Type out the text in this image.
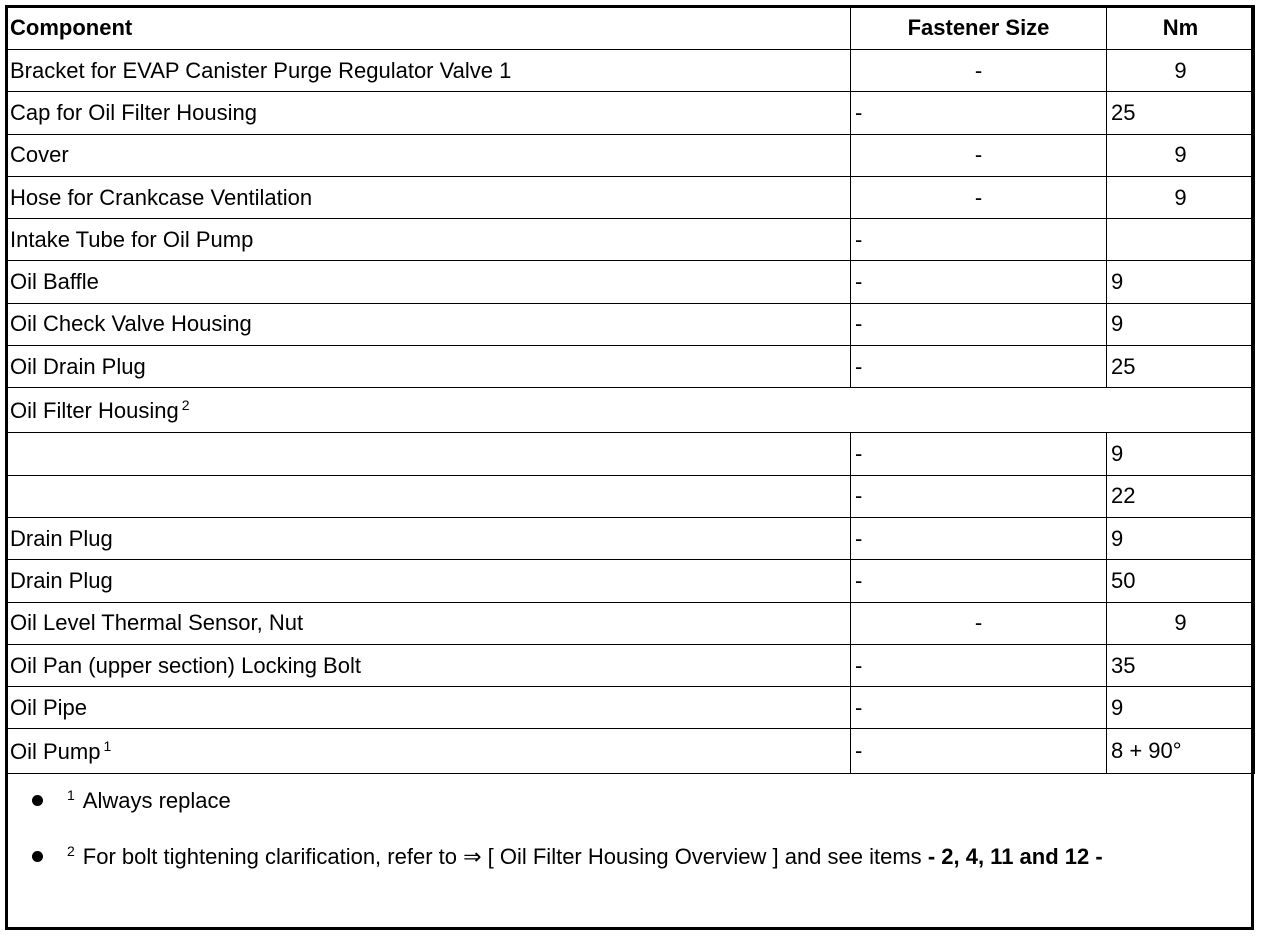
Component	Fastener Size	Nm
Bracket for EVAP Canister Purge Regulator Valve 1	-	9
Cap for Oil Filter Housing	-	25
Cover	-	9
Hose for Crankcase Ventilation	-	9
Intake Tube for Oil Pump	-	
Oil Baffle	-	9
Oil Check Valve Housing	-	9
Oil Drain Plug	-	25
Oil Filter Housing $^2$
	-	9
	-	22
Drain Plug	-	9
Drain Plug	-	50
Oil Level Thermal Sensor, Nut	-	9
Oil Pan (upper section) Locking Bolt	-	35
Oil Pipe	-	9
Oil Pump $^1$	-	8 + 90°
$^1$ Always replace
$^2$ For bolt tightening clarification, refer to ⇒ [ Oil Filter Housing Overview ] and see items - 2, 4, 11 and 12 -
